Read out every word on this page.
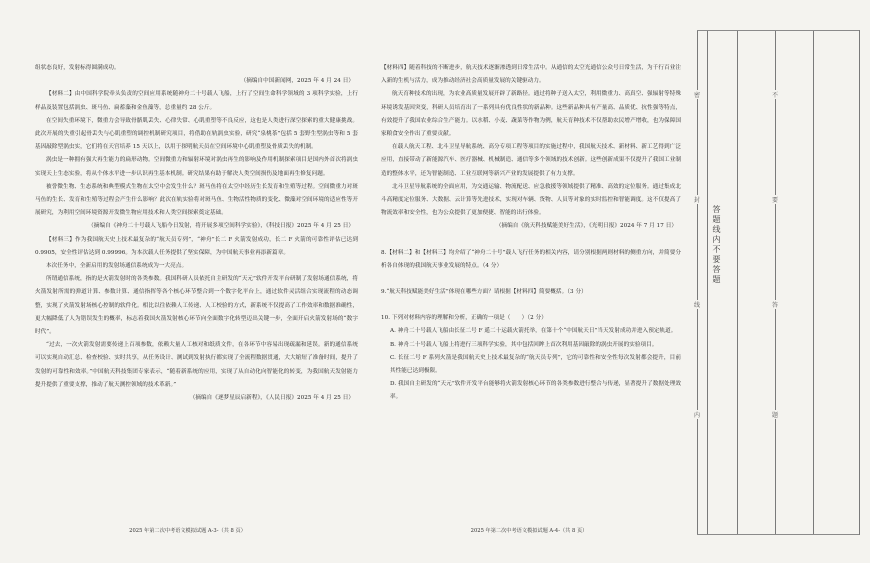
组状态良好，发射标得圆满成功。

（摘编自中国新闻网，2025 年 4 月 24 日）

【材料二】由中国科学院牵头负责的空间应用系统随神舟二十号载人飞船，上行了空间生命科学领域的 3 项科学实验，上行样品及装置包括涡虫、斑马鱼、扁蓄藻和金鱼藻等，总重量约 28 公斤。

在空间失重环境下，微重力会导致骨骼肌丢失、心律失常、心肌重塑等不良反应，这也是人类进行深空探索的重大健康挑战。此次开展的失重引起骨丢失与心肌重塑的调控机制研究项目，将借助在轨涡虫实验，研究“泉桃茶”包括 5 套野生型涡虫等和 5 套基因敲除型涡虫实，它们将在天宫培养 15 天以上，以用于探明航天员在空间环境中心肌重塑及骨质丢失的机制。

涡虫是一种拥有强大再生能力的扁形动物。空间微重力和辐射环境对涡虫再生的影响及作用机制探索项目是国内外首次将涡虫实现天上生态实验，将从个体水平进一步认识再生基本机制。研究结果有助于解决人类空间损伤及地面再生修复问题。

被誉微生物、生态系统和典型模式生物在太空中会发生什么？斑马鱼将在太空中经历生长发育和生殖等过程。空间微重力对斑马鱼的生长、发育和生殖等过程会产生什么影响？此次在轨实验将对斑马鱼、生物活性物质的变化、微藻对空间环境的适应性等开展研究，为利用空间环境资源开发微生物应用技术和人类空间探索奠定基础。

（摘编自《神舟二十号载人飞船今日发射，将开展多项空间科学实验》，《科技日报》2025 年 4 月 25 日）

【材料三】作为我国航天史上技术最复杂的“航天员专列”，“神舟”长二 F 火箭发射成功，长二 F 火箭的可靠性评估已达到 0.9905，安全性评估达到 0.99996。为本次载人任务提供了坚实保障，为中国航天事业再添新篇章。

本次任务中，全新启用的发射场通信系统成为一大亮点。

所谓通信系统，指的是火箭发射时的各类参数。我国科研人员依托自主研发的“天元”软件开发平台研制了发射场通信系统，将火箭发射所需的弹道计算、参数计算、通信指挥等各个核心环节整合到一个数字化平台上，通过软件灵活组合实现流程的动态调整，实现了火箭发射场核心控制的软件化。相比以往依赖人工传递、人工校验的方式，新系统不仅提高了工作效率和数据准确性，更大幅降低了人为错误发生的概率，标志着我国火箭发射核心环节向全面数字化转型迈出关键一步，全面开启火箭发射场的“数字时代”。

“过去，一次火箭发射需要传递上百项参数，依赖大量人工核对和纸质文件，在各环节中容易出现疏漏和延误。新的通信系统可以实现自动汇总、检查校验、实时共享，从任务设计、测试到发射执行都实现了全流程数据贯通，大大缩短了准备时间，提升了发射的可靠性和效率。”中国航天科技集团专家表示，“随着新系统的应用，实现了从自动化向智能化的转变，为我国航天发射能力提升提供了重要支撑，推动了航天测控领域的技术革新。”

（摘编自《逐梦星辰启新程》，《人民日报》2025 年 4 月 25 日）

2025 年第二次中考语文模拟试题 A-3-（共 8 页）

【材料四】随着科技的不断进步，航天技术逐渐渗透到日常生活中。从通信的太空光通信公众号日常生活，为千行百业注入新的生机与活力，成为推动经济社会高质量发展的关键驱动力。

航天育种技术的出现，为农业高质量发展开辟了新路径。通过将种子送入太空，利用微重力、高真空、强辐射等特殊环境诱发基因突变，科研人员培育出了一系列具有优良性状的新品种。这些新品种具有产量高、品质优、抗性强等特点，有效提升了我国农业综合生产能力。以水稻、小麦、蔬菜等作物为例，航天育种技术不仅帮助农民增产增收，也为保障国家粮食安全作出了重要贡献。

在载人航天工程、北斗卫星导航系统、高分专项工程等项目的实施过程中，我国航天技术、新材料、新工艺得到广泛应用，直接带动了新能源汽车、医疗器械、机械制造、通信等多个领域的技术创新。这些创新成果不仅提升了我国工业制造的整体水平，还为智能制造、工业互联网等新兴产业的发展提供了有力支撑。

北斗卫星导航系统的全面应用，为交通运输、物流配送、应急救援等领域提供了精准、高效的定位服务。通过集成北斗高精度定位服务、大数据、云计算等先进技术，实现对车辆、货物、人员等对象的实时监控和智能调度。这不仅提高了物流效率和安全性，也为公众提供了更加便捷、智能的出行体验。

（摘编自《航天科技赋能美好生活》，《光明日报》2024 年 7 月 17 日）

8.【材料二】和【材料三】均介绍了“神舟二十号”载人飞行任务的相关内容，请分别根据两则材料的侧重方向，并简要分析各自体现的我国航天事业发展的特点。（4 分）

9.“航天科技赋能美好生活”体现在哪些方面？请根据【材料四】简要概括。（3 分）

10. 下列对材料内容的理解和分析，正确的一项是（　　）（2 分）

A. 神舟二十号载人飞船由长征二号 F 遥二十运载火箭托举，在第十个“中国航天日”当天发射成功并进入预定轨道。

B. 神舟二十号载人飞船上将进行三项科学实验，其中包括回眸上首次利用基因敲除的涡虫开展的实验项目。

C. 长征二号 F 系列火箭是我国航天史上技术最复杂的“航天员专列”，它的可靠性和安全性每次发射都会提升，目前其性能已达到极限。

D. 我国自主研发的“天元”软件开发平台能够将火箭发射核心环节的各类参数进行整合与传递，显著提升了数据处理效率。

2025 年第二次中考语文模拟试题 A-4-（共 8 页）
答题线内不要答题
密
封
线
内
不
要
答
题
